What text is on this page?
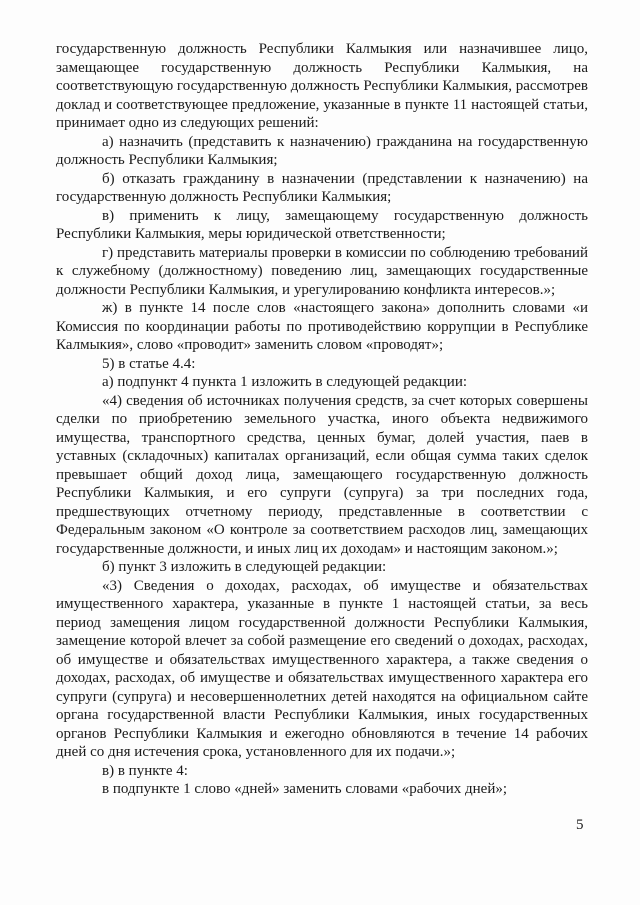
государственную должность Республики Калмыкия или назначившее лицо, замещающее государственную должность Республики Калмыкия, на соответствующую государственную должность Республики Калмыкия, рассмотрев доклад и соответствующее предложение, указанные в пункте 11 настоящей статьи, принимает одно из следующих решений:

а) назначить (представить к назначению) гражданина на государственную должность Республики Калмыкия;

б) отказать гражданину в назначении (представлении к назначению) на государственную должность Республики Калмыкия;

в) применить к лицу, замещающему государственную должность Республики Калмыкия, меры юридической ответственности;

г) представить материалы проверки в комиссии по соблюдению требований к служебному (должностному) поведению лиц, замещающих государственные должности Республики Калмыкия, и урегулированию конфликта интересов.»;

ж) в пункте 14 после слов «настоящего закона» дополнить словами «и Комиссия по координации работы по противодействию коррупции в Республике Калмыкия», слово «проводит» заменить словом «проводят»;

5) в статье 4.4:

а) подпункт 4 пункта 1 изложить в следующей редакции:

«4) сведения об источниках получения средств, за счет которых совершены сделки по приобретению земельного участка, иного объекта недвижимого имущества, транспортного средства, ценных бумаг, долей участия, паев в уставных (складочных) капиталах организаций, если общая сумма таких сделок превышает общий доход лица, замещающего государственную должность Республики Калмыкия, и его супруги (супруга) за три последних года, предшествующих отчетному периоду, представленные в соответствии с Федеральным законом «О контроле за соответствием расходов лиц, замещающих государственные должности, и иных лиц их доходам» и настоящим законом.»;

б) пункт 3 изложить в следующей редакции:

«3) Сведения о доходах, расходах, об имуществе и обязательствах имущественного характера, указанные в пункте 1 настоящей статьи, за весь период замещения лицом государственной должности Республики Калмыкия, замещение которой влечет за собой размещение его сведений о доходах, расходах, об имуществе и обязательствах имущественного характера, а также сведения о доходах, расходах, об имуществе и обязательствах имущественного характера его супруги (супруга) и несовершеннолетних детей находятся на официальном сайте органа государственной власти Республики Калмыкия, иных государственных органов Республики Калмыкия и ежегодно обновляются в течение 14 рабочих дней со дня истечения срока, установленного для их подачи.»;

в) в пункте 4:

в подпункте 1 слово «дней» заменить словами «рабочих дней»;

5
